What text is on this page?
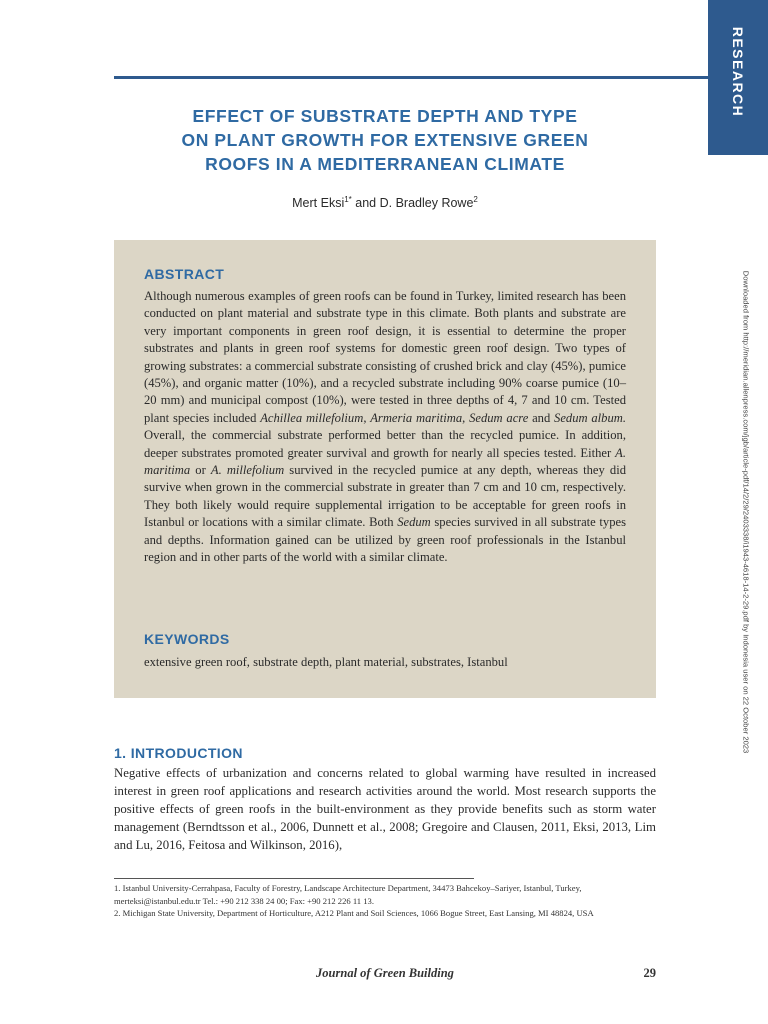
RESEARCH
EFFECT OF SUBSTRATE DEPTH AND TYPE
ON PLANT GROWTH FOR EXTENSIVE GREEN
ROOFS IN A MEDITERRANEAN CLIMATE
Mert Eksi$^{1*}$ and D. Bradley Rowe$^2$
Downloaded from http://meridian.allenpress.com/jgb/article-pdf/14/2/29/2403338/i1943-4618-14-2-29.pdf by Indonesia user on 22 October 2023
ABSTRACT
Although numerous examples of green roofs can be found in Turkey, limited research has been conducted on plant material and substrate type in this climate. Both plants and substrate are very important components in green roof design, it is essential to determine the proper substrates and plants in green roof systems for domestic green roof design. Two types of growing substrates: a commercial substrate consisting of crushed brick and clay (45%), pumice (45%), and organic matter (10%), and a recycled substrate including 90% coarse pumice (10–20 mm) and municipal compost (10%), were tested in three depths of 4, 7 and 10 cm. Tested plant species included Achillea millefolium, Armeria maritima, Sedum acre and Sedum album. Overall, the commercial substrate performed better than the recycled pumice. In addition, deeper substrates promoted greater survival and growth for nearly all species tested. Either A. maritima or A. millefolium survived in the recycled pumice at any depth, whereas they did survive when grown in the commercial substrate in greater than 7 cm and 10 cm, respectively. They both likely would require supplemental irrigation to be acceptable for green roofs in Istanbul or locations with a similar climate. Both Sedum species survived in all substrate types and depths. Information gained can be utilized by green roof professionals in the Istanbul region and in other parts of the world with a similar climate.
KEYWORDS
extensive green roof, substrate depth, plant material, substrates, Istanbul
1. INTRODUCTION
Negative effects of urbanization and concerns related to global warming have resulted in increased interest in green roof applications and research activities around the world. Most research supports the positive effects of green roofs in the built-environment as they provide benefits such as storm water management (Berndtsson et al., 2006, Dunnett et al., 2008; Gregoire and Clausen, 2011, Eksi, 2013, Lim and Lu, 2016, Feitosa and Wilkinson, 2016),
1. Istanbul University-Cerrahpasa, Faculty of Forestry, Landscape Architecture Department, 34473 Bahcekoy–Sariyer, Istanbul, Turkey,
merteksi@istanbul.edu.tr Tel.: +90 212 338 24 00; Fax: +90 212 226 11 13.
2. Michigan State University, Department of Horticulture, A212 Plant and Soil Sciences, 1066 Bogue Street, East Lansing, MI 48824, USA
Journal of Green Building	29
